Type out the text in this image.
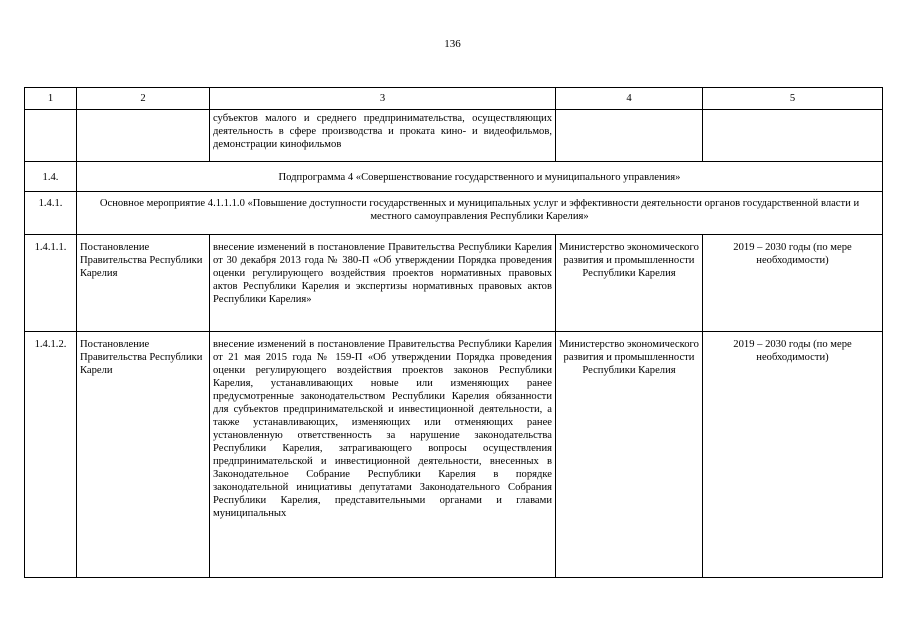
136
1	2	3	4	5
		субъектов малого и среднего предпринимательства, осуществляющих деятельность в сфере производства и проката кино- и видеофильмов, демонстрации кинофильмов		
1.4.	Подпрограмма 4 «Совершенствование государственного и муниципального управления»			
1.4.1.	Основное мероприятие 4.1.1.1.0 «Повышение доступности государственных и муниципальных услуг и эффективности деятельности органов государственной власти и местного самоуправления Республики Карелия»			
1.4.1.1.	Постановление Правительства Республики Карелия	внесение изменений в постановление Правительства Республики Карелия от 30 декабря 2013 года № 380-П «Об утверждении Порядка проведения оценки регулирующего воздействия проектов нормативных правовых актов Республики Карелия и экспертизы нормативных правовых актов Республики Карелия»	Министерство экономического развития и промышленности Республики Карелия	2019 – 2030 годы (по мере необходимости)
1.4.1.2.	Постановление Правительства Республики Карели	внесение изменений в постановление Правительства Республики Карелия от 21 мая 2015 года № 159-П «Об утверждении Порядка проведения оценки регулирующего воздействия проектов законов Республики Карелия, устанавливающих новые или изменяющих ранее предусмотренные законодательством Республики Карелия обязанности для субъектов предпринимательской и инвестиционной деятельности, а также устанавливающих, изменяющих или отменяющих ранее установленную ответственность за нарушение законодательства Республики Карелия, затрагивающего вопросы осуществления предпринимательской и инвестиционной деятельности, внесенных в Законодательное Собрание Республики Карелия в порядке законодательной инициативы депутатами Законодательного Собрания Республики Карелия, представительными органами и главами муниципальных	Министерство экономического развития и промышленности Республики Карелия	2019 – 2030 годы (по мере необходимости)
